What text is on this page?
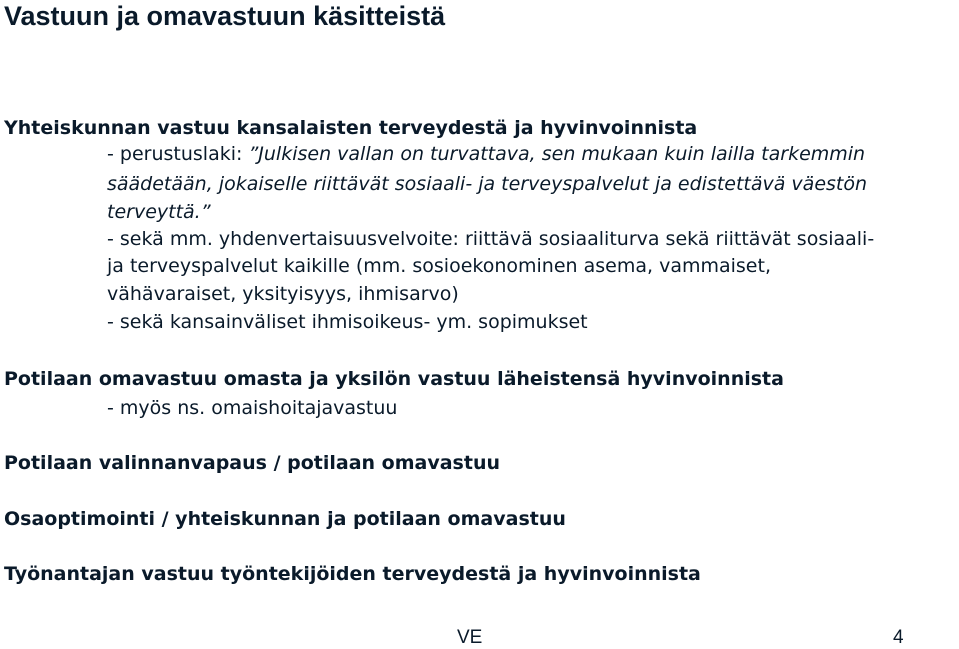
Vastuun ja omavastuun käsitteistä
Yhteiskunnan vastuu kansalaisten terveydestä ja hyvinvoinnista
- perustuslaki: ”Julkisen vallan on turvattava, sen mukaan kuin lailla tarkemmin
säädetään, jokaiselle riittävät sosiaali- ja terveyspalvelut ja edistettävä väestön
terveyttä.”
- sekä mm. yhdenvertaisuusvelvoite: riittävä sosiaaliturva sekä riittävät sosiaali-
ja terveyspalvelut kaikille (mm. sosioekonominen asema, vammaiset,
vähävaraiset, yksityisyys, ihmisarvo)
- sekä kansainväliset ihmisoikeus- ym. sopimukset
Potilaan omavastuu omasta ja yksilön vastuu läheistensä hyvinvoinnista
- myös ns. omaishoitajavastuu
Potilaan valinnanvapaus / potilaan omavastuu
Osaoptimointi / yhteiskunnan ja potilaan omavastuu
Työnantajan vastuu työntekijöiden terveydestä ja hyvinvoinnista
VE	4
